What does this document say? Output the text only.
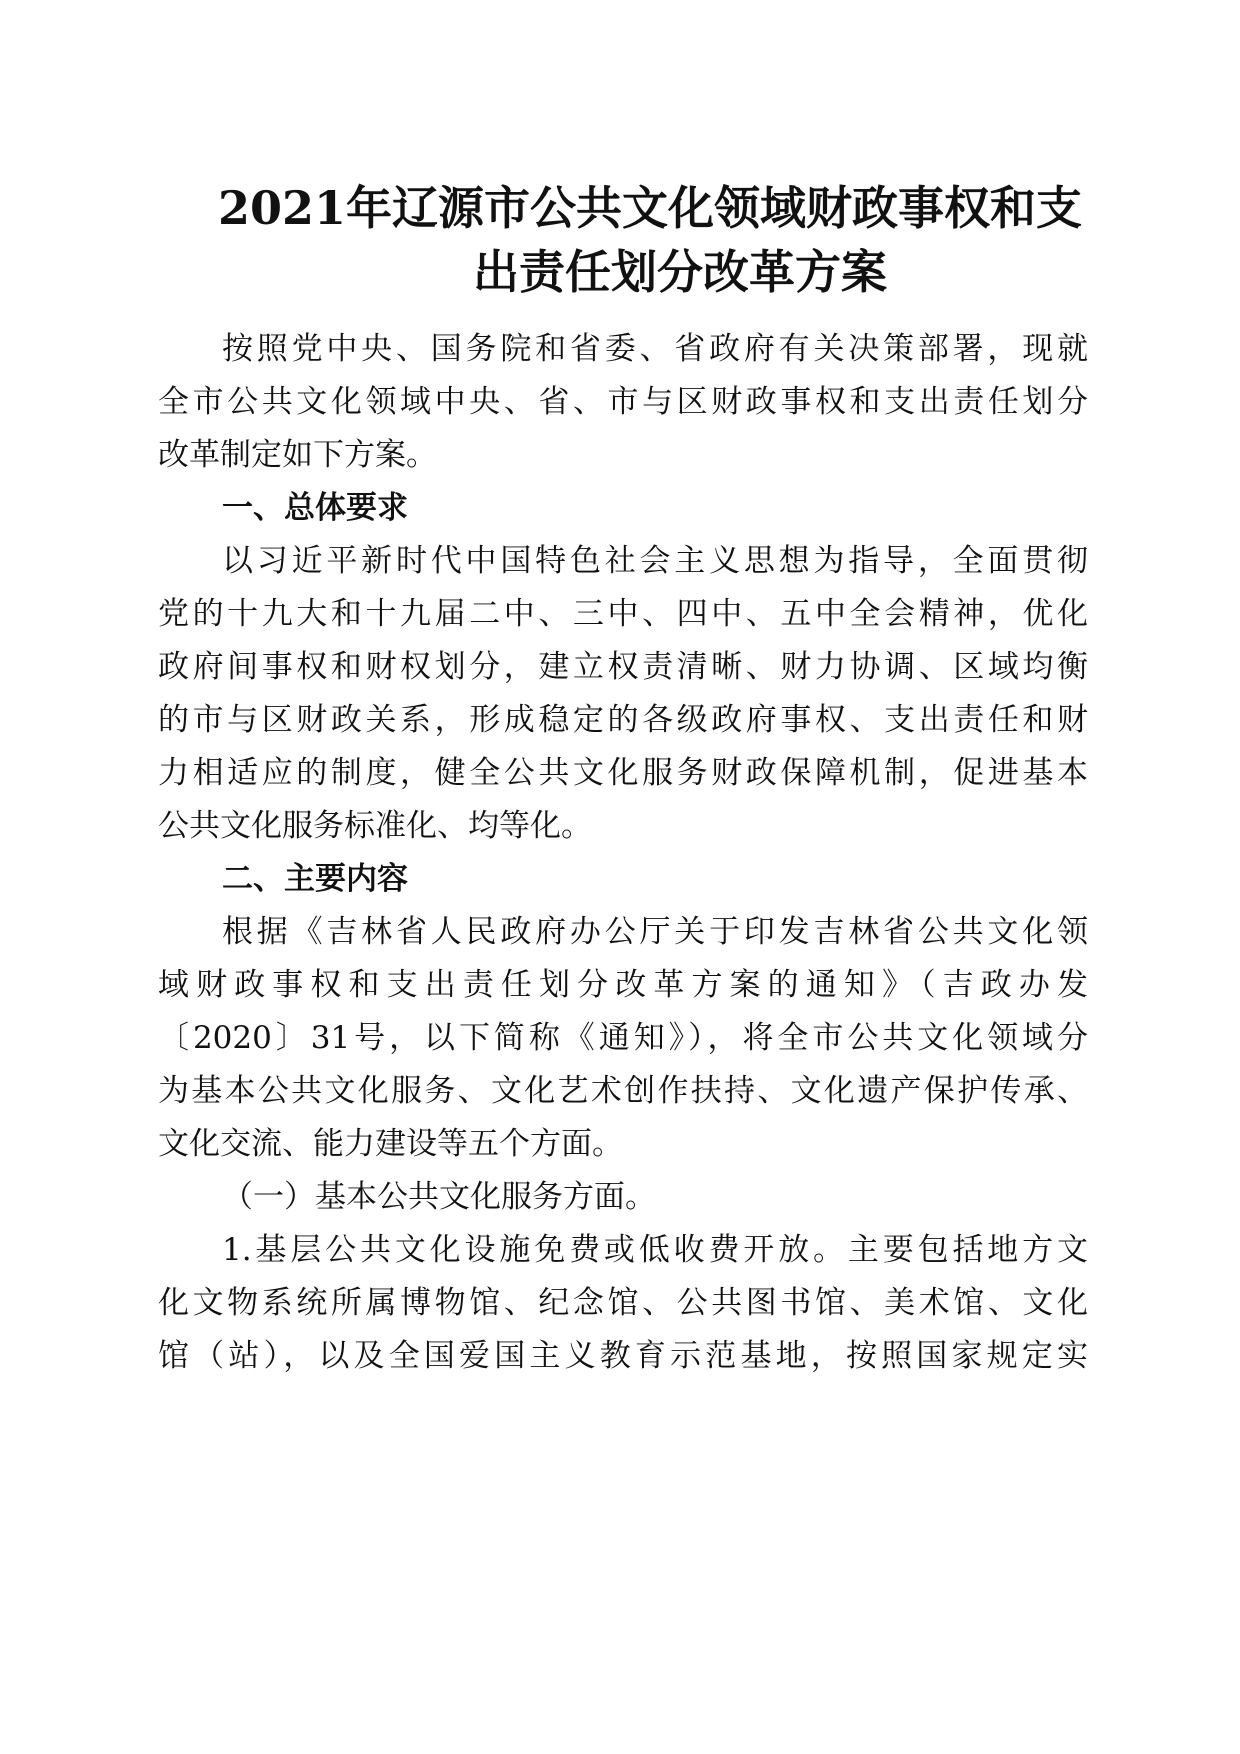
2021年辽源市公共文化领域财政事权和支
出责任划分改革方案
按照党中央、国务院和省委、省政府有关决策部署，现就
全市公共文化领域中央、省、市与区财政事权和支出责任划分
改革制定如下方案。
一、总体要求
以习近平新时代中国特色社会主义思想为指导，全面贯彻
党的十九大和十九届二中、三中、四中、五中全会精神，优化
政府间事权和财权划分，建立权责清晰、财力协调、区域均衡
的市与区财政关系，形成稳定的各级政府事权、支出责任和财
力相适应的制度，健全公共文化服务财政保障机制，促进基本
公共文化服务标准化、均等化。
二、主要内容
根据《吉林省人民政府办公厅关于印发吉林省公共文化领
域财政事权和支出责任划分改革方案的通知》（吉政办发
〔2020〕31号，以下简称《通知》），将全市公共文化领域分
为基本公共文化服务、文化艺术创作扶持、文化遗产保护传承、
文化交流、能力建设等五个方面。
（一）基本公共文化服务方面。
1.基层公共文化设施免费或低收费开放。主要包括地方文
化文物系统所属博物馆、纪念馆、公共图书馆、美术馆、文化
馆（站），以及全国爱国主义教育示范基地，按照国家规定实
